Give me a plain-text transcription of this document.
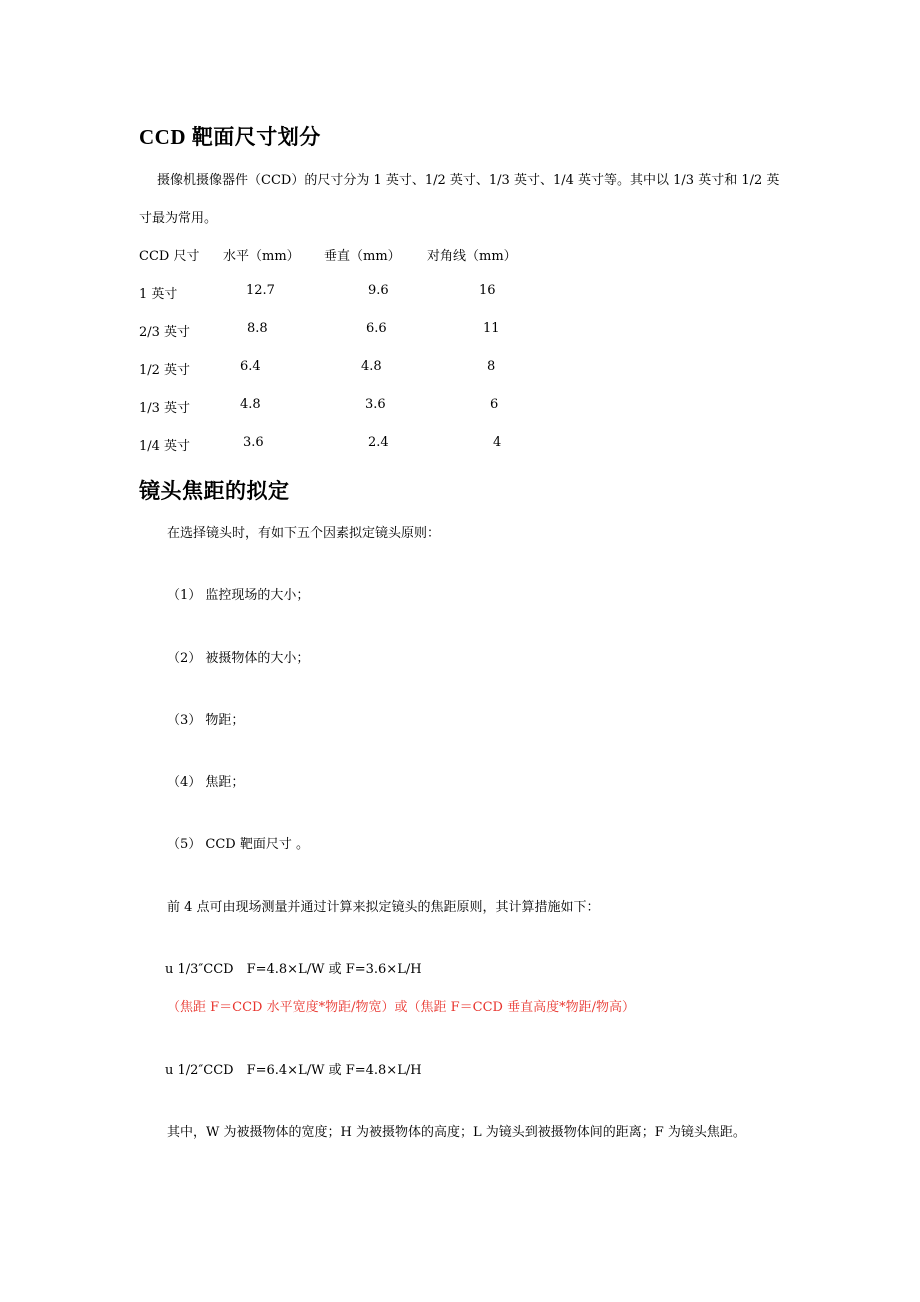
CCD 靶面尺寸划分
摄像机摄像器件（CCD）的尺寸分为 1 英寸、1/2 英寸、1/3 英寸、1/4 英寸等。其中以 1/3 英寸和 1/2 英
寸最为常用。
CCD 尺寸 水平（mm） 垂直（mm） 对角线（mm）
1 英寸	12.7	9.6	16
2/3 英寸	8.8	6.6	11
1/2 英寸	6.4	4.8	8
1/3 英寸	4.8	3.6	6
1/4 英寸	3.6	2.4	4
镜头焦距的拟定
在选择镜头时，有如下五个因素拟定镜头原则：
（1） 监控现场的大小；
（2） 被摄物体的大小；
（3） 物距；
（4） 焦距；
（5） CCD 靶面尺寸 。
前 4 点可由现场测量并通过计算来拟定镜头的焦距原则，其计算措施如下：
u 1/3″CCD　F=4.8×L/W 或 F=3.6×L/H
（焦距 F＝CCD 水平宽度*物距/物宽）或（焦距 F＝CCD 垂直高度*物距/物高）
u 1/2″CCD　F=6.4×L/W 或 F=4.8×L/H
其中，W 为被摄物体的宽度；H 为被摄物体的高度；L 为镜头到被摄物体间的距离；F 为镜头焦距。
